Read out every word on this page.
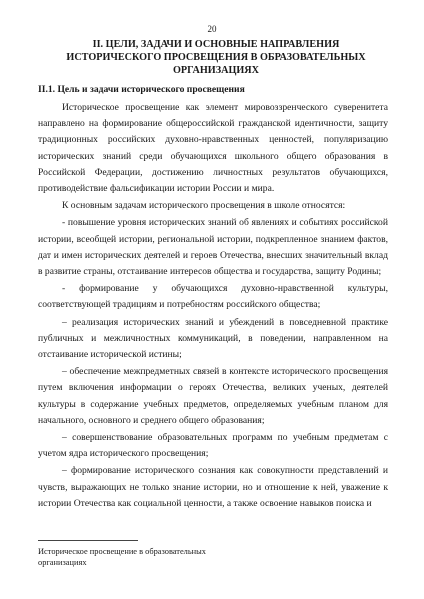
20
II. ЦЕЛИ, ЗАДАЧИ И ОСНОВНЫЕ НАПРАВЛЕНИЯ ИСТОРИЧЕСКОГО ПРОСВЕЩЕНИЯ В ОБРАЗОВАТЕЛЬНЫХ ОРГАНИЗАЦИЯХ
II.1. Цель и задачи исторического просвещения

Историческое просвещение как элемент мировоззренческого суверенитета направлено на формирование общероссийской гражданской идентичности, защиту традиционных российских духовно-нравственных ценностей, популяризацию исторических знаний среди обучающихся школьного общего образования в Российской Федерации, достижению личностных результатов обучающихся, противодействие фальсификации истории России и мира.

К основным задачам исторического просвещения в школе относятся:

- повышение уровня исторических знаний об явлениях и событиях российской истории, всеобщей истории, региональной истории, подкрепленное знанием фактов, дат и имен исторических деятелей и героев Отечества, внесших значительный вклад в развитие страны, отстаивание интересов общества и государства, защиту Родины;

- формирование у обучающихся духовно-нравственной культуры, соответствующей традициям и потребностям российского общества;

– реализация исторических знаний и убеждений в повседневной практике публичных и межличностных коммуникаций, в поведении, направленном на отстаивание исторической истины;

– обеспечение межпредметных связей в контексте исторического просвещения путем включения информации о героях Отечества, великих ученых, деятелей культуры в содержание учебных предметов, определяемых учебным планом для начального, основного и среднего общего образования;

– совершенствование образовательных программ по учебным предметам с учетом ядра исторического просвещения;

– формирование исторического сознания как совокупности представлений и чувств, выражающих не только знание истории, но и отношение к ней, уважение к истории Отечества как социальной ценности, а также освоение навыков поиска и

Историческое просвещение в образовательных
организациях
